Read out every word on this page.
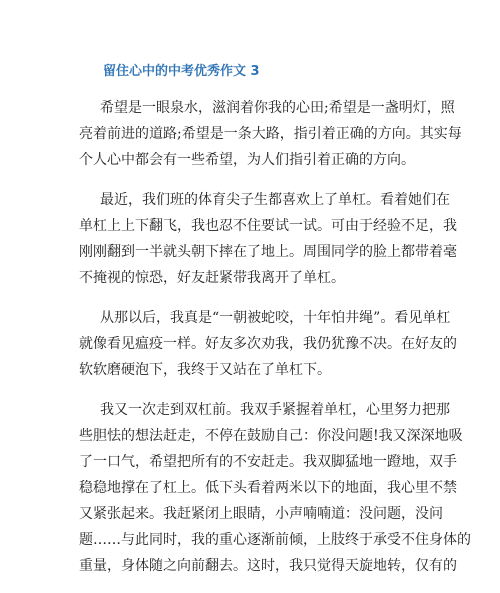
留住心中的中考优秀作文 3

希望是一眼泉水，滋润着你我的心田;希望是一盏明灯，照
亮着前进的道路;希望是一条大路，指引着正确的方向。其实每
个人心中都会有一些希望，为人们指引着正确的方向。

最近，我们班的体育尖子生都喜欢上了单杠。看着她们在
单杠上上下翻飞，我也忍不住要试一试。可由于经验不足，我
刚刚翻到一半就头朝下摔在了地上。周围同学的脸上都带着毫
不掩视的惊恐，好友赶紧带我离开了单杠。

从那以后，我真是“一朝被蛇咬，十年怕井绳”。看见单杠
就像看见瘟疫一样。好友多次劝我，我仍犹豫不决。在好友的
软软磨硬泡下，我终于又站在了单杠下。

我又一次走到双杠前。我双手紧握着单杠，心里努力把那
些胆怯的想法赶走，不停在鼓励自己：你没问题!我又深深地吸
了一口气，希望把所有的不安赶走。我双脚猛地一蹬地，双手
稳稳地撑在了杠上。低下头看着两米以下的地面，我心里不禁
又紧张起来。我赶紧闭上眼睛，小声喃喃道：没问题，没问
题……与此同时，我的重心逐渐前倾，上肢终于承受不住身体的
重量，身体随之向前翻去。这时，我只觉得天旋地转，仅有的
